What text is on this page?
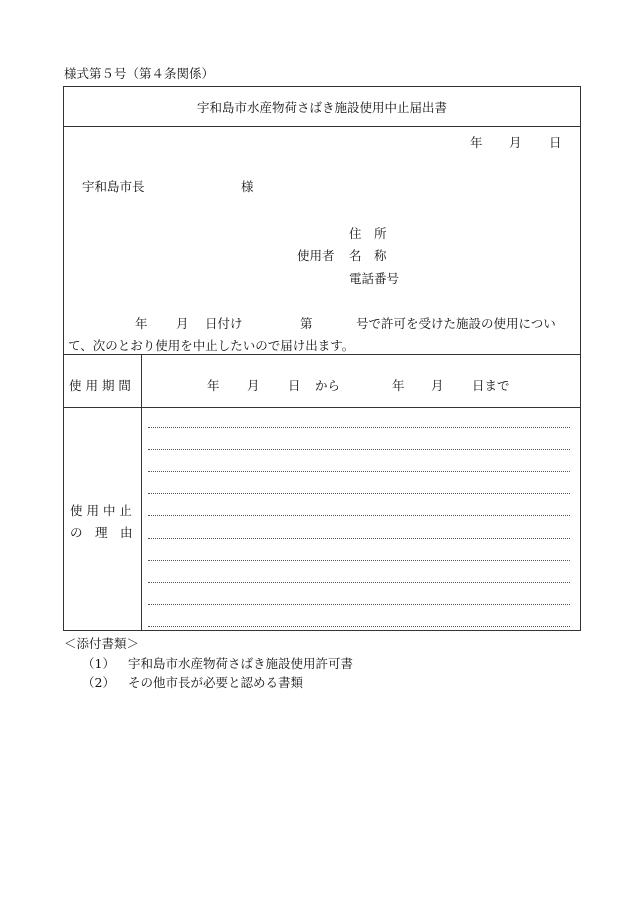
様式第５号（第４条関係）
宇和島市水産物荷さばき施設使用中止届出書
年 月 日
宇和島市長	様
住　所
使用者 名　称
電話番号
年 月 日付け	第	号で許可を受けた施設の使用につい
て、次のとおり使用を中止したいので届け出ます。
使 用 期 間	年 月 日 から	年 月 日まで
使 用 中 止
の　理　由
＜添付書類＞
（1） 宇和島市水産物荷さばき施設使用許可書
（2） その他市長が必要と認める書類
